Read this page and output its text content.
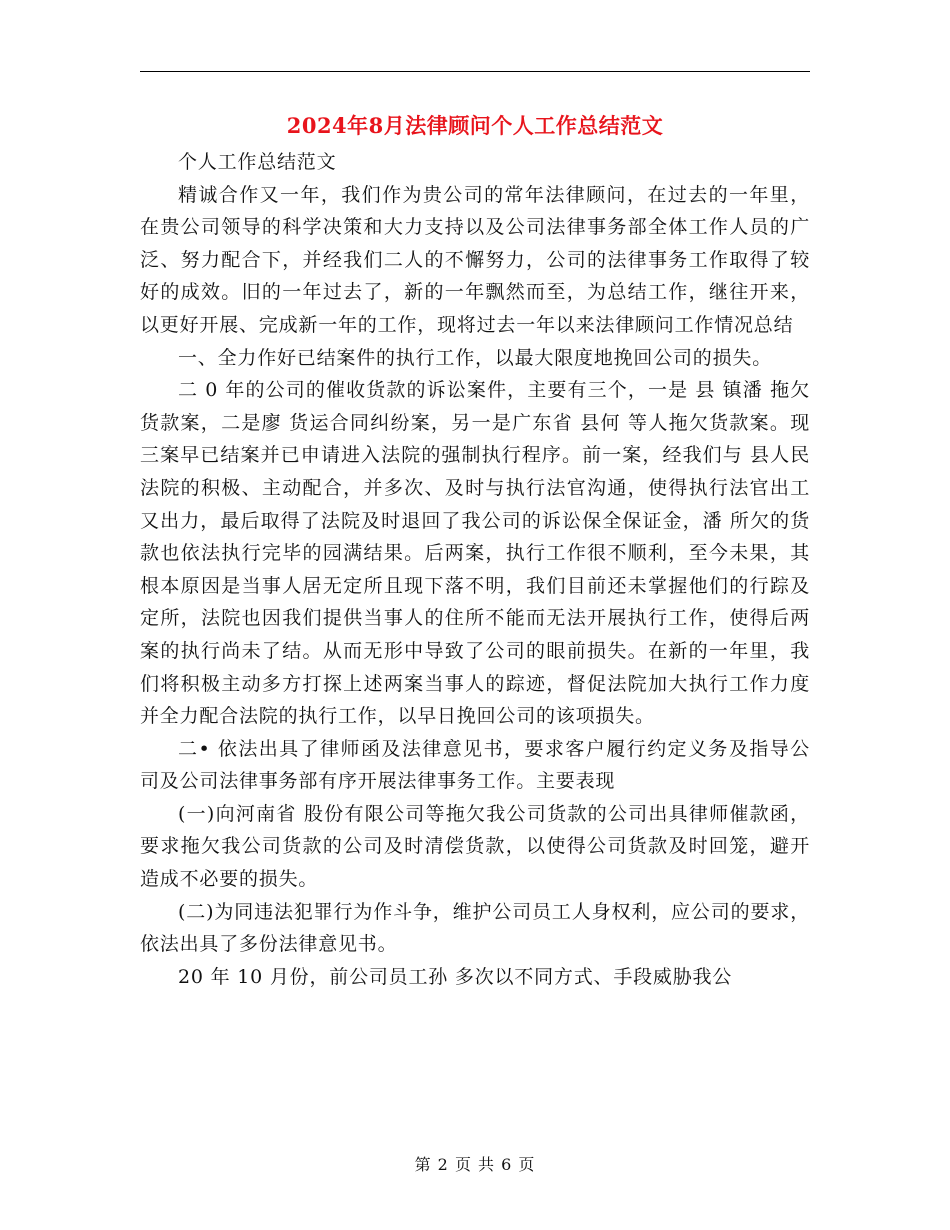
2024年8月法律顾问个人工作总结范文

个人工作总结范文

精诚合作又一年，我们作为贵公司的常年法律顾问，在过去的一年里，在贵公司领导的科学决策和大力支持以及公司法律事务部全体工作人员的广泛、努力配合下，并经我们二人的不懈努力，公司的法律事务工作取得了较好的成效。旧的一年过去了，新的一年飘然而至，为总结工作，继往开来，以更好开展、完成新一年的工作，现将过去一年以来法律顾问工作情况总结

一、全力作好已结案件的执行工作，以最大限度地挽回公司的损失。

二 0 年的公司的催收货款的诉讼案件，主要有三个，一是 县 镇潘 拖欠货款案，二是廖 货运合同纠纷案，另一是广东省 县何 等人拖欠货款案。现三案早已结案并已申请进入法院的强制执行程序。前一案，经我们与 县人民法院的积极、主动配合，并多次、及时与执行法官沟通，使得执行法官出工又出力，最后取得了法院及时退回了我公司的诉讼保全保证金，潘 所欠的货款也依法执行完毕的园满结果。后两案，执行工作很不顺利，至今未果，其根本原因是当事人居无定所且现下落不明，我们目前还未掌握他们的行踪及定所，法院也因我们提供当事人的住所不能而无法开展执行工作，使得后两案的执行尚未了结。从而无形中导致了公司的眼前损失。在新的一年里，我们将积极主动多方打探上述两案当事人的踪迹，督促法院加大执行工作力度并全力配合法院的执行工作，以早日挽回公司的该项损失。

二• 依法出具了律师函及法律意见书，要求客户履行约定义务及指导公司及公司法律事务部有序开展法律事务工作。主要表现

(一)向河南省 股份有限公司等拖欠我公司货款的公司出具律师催款函，要求拖欠我公司货款的公司及时清偿货款，以使得公司货款及时回笼，避开造成不必要的损失。

(二)为同违法犯罪行为作斗争，维护公司员工人身权利，应公司的要求，依法出具了多份法律意见书。

20 年 10 月份，前公司员工孙 多次以不同方式、手段威胁我公

第 2 页 共 6 页
